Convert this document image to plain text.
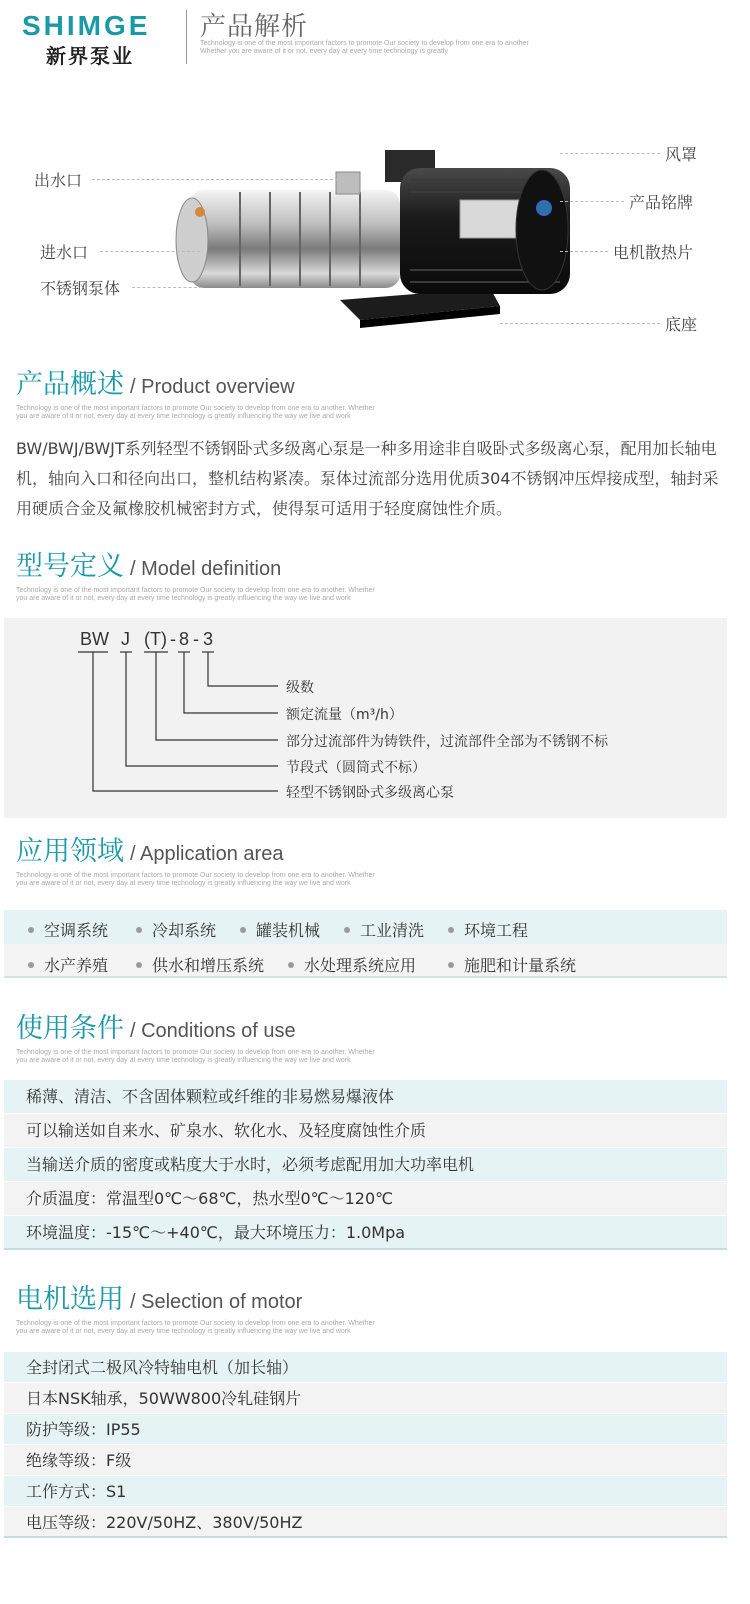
SHIMGE
新界泵业
产品解析
Technology is one of the most important factors to promote Our society to develop from one era to another Whether you are aware of it or not, every day at every time technology is greatly
出水口
进水口
不锈钢泵体
风罩
产品铭牌
电机散热片
底座
产品概述 / Product overview
Technology is one of the most important factors to promote Our society to develop from one era to another. Whether you are aware of it or not, every day at every time technology is greatly influencing the way we live and work
BW/BWJ/BWJT系列轻型不锈钢卧式多级离心泵是一种多用途非自吸卧式多级离心泵，配用加长轴电机，轴向入口和径向出口，整机结构紧凑。泵体过流部分选用优质304不锈钢冲压焊接成型，轴封采用硬质合金及氟橡胶机械密封方式，使得泵可适用于轻度腐蚀性介质。
型号定义 / Model definition
Technology is one of the most important factors to promote Our society to develop from one era to another. Whether you are aware of it or not, every day at every time technology is greatly influencing the way we live and work
BW J (T) - 8 - 3
级数
额定流量（m³/h）
部分过流部件为铸铁件，过流部件全部为不锈钢不标
节段式（圆筒式不标）
轻型不锈钢卧式多级离心泵
应用领域 / Application area
Technology is one of the most important factors to promote Our society to develop from one era to another. Whether you are aware of it or not, every day at every time technology is greatly influencing the way we live and work
空调系统	冷却系统	罐装机械	工业清洗	环境工程
水产养殖	供水和增压系统	水处理系统应用	施肥和计量系统
使用条件 / Conditions of use
Technology is one of the most important factors to promote Our society to develop from one era to another. Whether you are aware of it or not, every day at every time technology is greatly influencing the way we live and work
稀薄、清洁、不含固体颗粒或纤维的非易燃易爆液体
可以输送如自来水、矿泉水、软化水、及轻度腐蚀性介质
当输送介质的密度或粘度大于水时，必须考虑配用加大功率电机
介质温度：常温型0℃～68℃，热水型0℃～120℃
环境温度：-15℃～+40℃，最大环境压力：1.0Mpa
电机选用 / Selection of motor
Technology is one of the most important factors to promote Our society to develop from one era to another. Whether you are aware of it or not, every day at every time technology is greatly influencing the way we live and work
全封闭式二极风冷特轴电机（加长轴）
日本NSK轴承，50WW800冷轧硅钢片
防护等级：IP55
绝缘等级：F级
工作方式：S1
电压等级：220V/50HZ、380V/50HZ
